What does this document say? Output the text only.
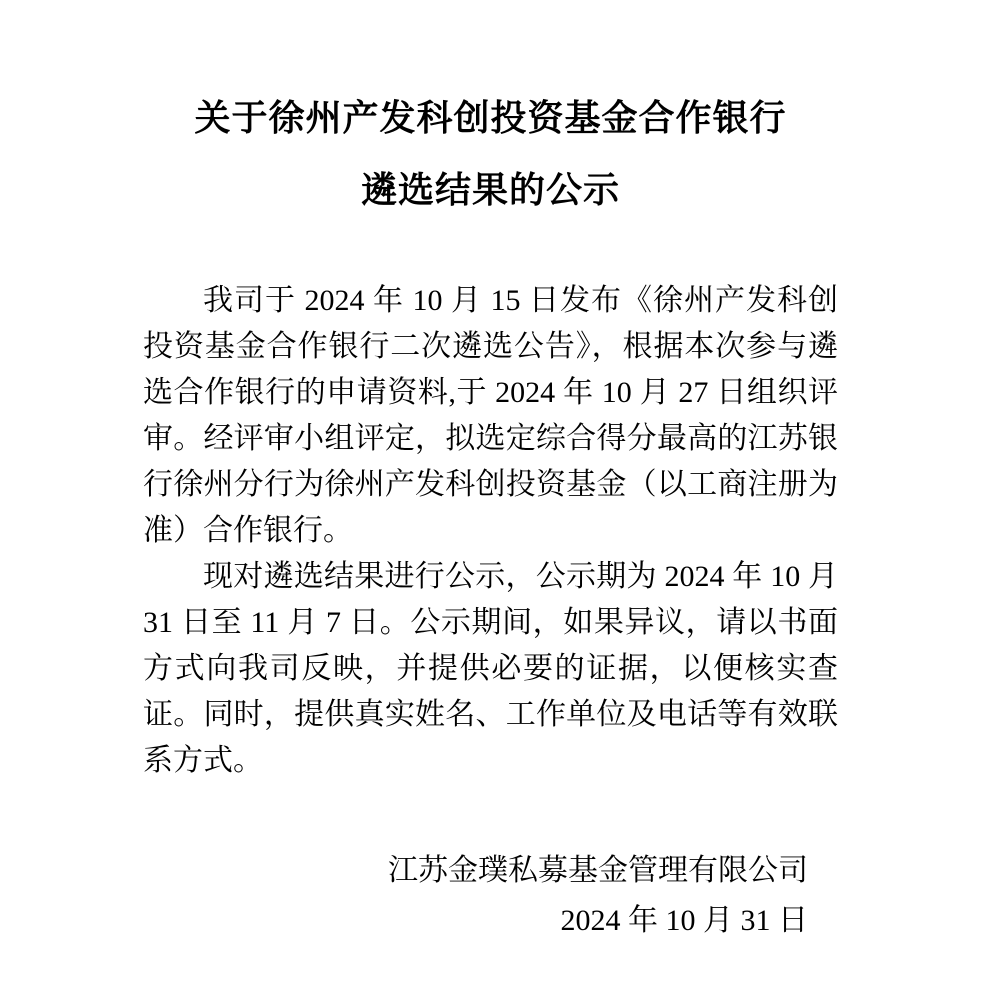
关于徐州产发科创投资基金合作银行
遴选结果的公示

我司于 2024 年 10 月 15 日发布《徐州产发科创投资基金合作银行二次遴选公告》，根据本次参与遴选合作银行的申请资料,于 2024 年 10 月 27 日组织评审。经评审小组评定，拟选定综合得分最高的江苏银行徐州分行为徐州产发科创投资基金（以工商注册为准）合作银行。

现对遴选结果进行公示，公示期为 2024 年 10 月 31 日至 11 月 7 日。公示期间，如果异议，请以书面方式向我司反映，并提供必要的证据，以便核实查证。同时，提供真实姓名、工作单位及电话等有效联系方式。

江苏金璞私募基金管理有限公司
2024 年 10 月 31 日
